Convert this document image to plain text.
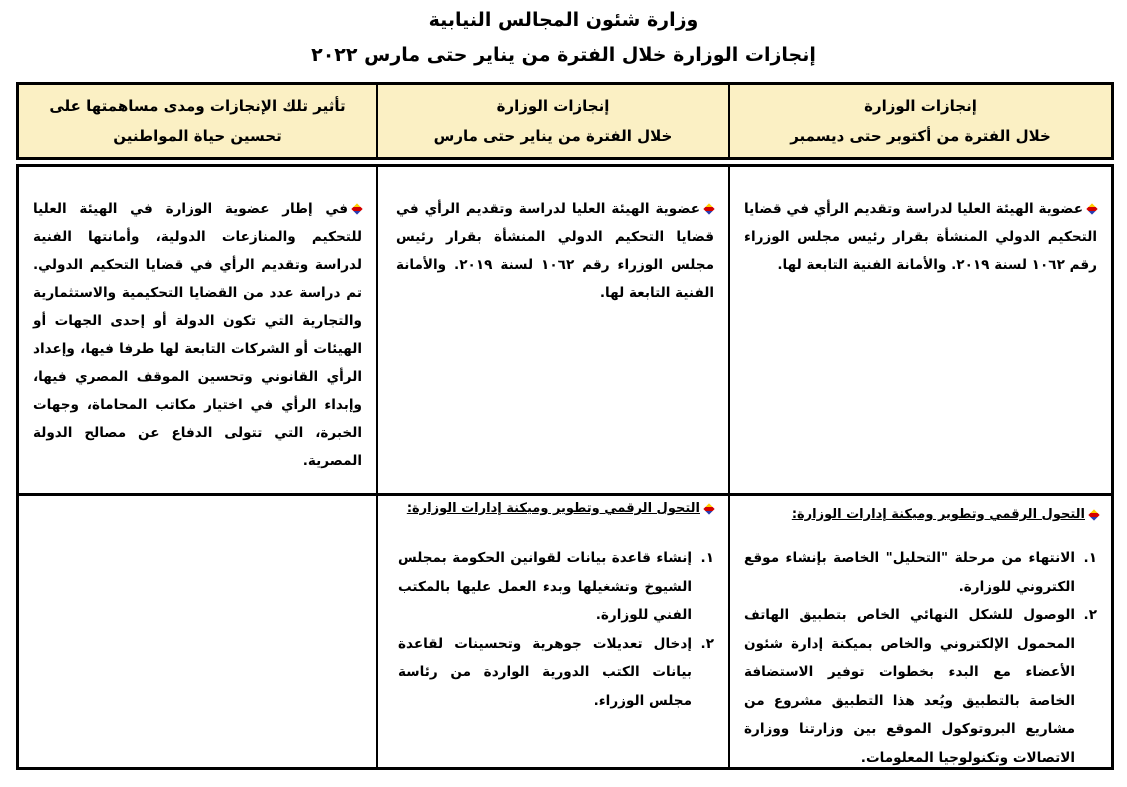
وزارة شئون المجالس النيابية
إنجازات الوزارة خلال الفترة من يناير حتى مارس ٢٠٢٢
إنجازات الوزارة
خلال الفترة من أكتوبر حتى ديسمبر
إنجازات الوزارة
خلال الفترة من يناير حتى مارس
تأثير تلك الإنجازات ومدى مساهمتها على
تحسين حياة المواطنين
عضوية الهيئة العليا لدراسة وتقديم الرأي في قضايا التحكيم الدولي المنشأة بقرار رئيس مجلس الوزراء رقم ١٠٦٢ لسنة ٢٠١٩. والأمانة الفنية التابعة لها.
عضوية الهيئة العليا لدراسة وتقديم الرأي في قضايا التحكيم الدولي المنشأة بقرار رئيس مجلس الوزراء رقم ١٠٦٢ لسنة ٢٠١٩. والأمانة الفنية التابعة لها.
في إطار عضوية الوزارة في الهيئة العليا للتحكيم والمنازعات الدولية، وأمانتها الفنية لدراسة وتقديم الرأي في قضايا التحكيم الدولي. تم دراسة عدد من القضايا التحكيمية والاستثمارية والتجارية التي تكون الدولة أو إحدى الجهات أو الهيئات أو الشركات التابعة لها طرفا فيها، وإعداد الرأي القانوني وتحسين الموقف المصري فيها، وإبداء الرأي في اختيار مكاتب المحاماة، وجهات الخبرة، التي تتولى الدفاع عن مصالح الدولة المصرية.
التحول الرقمي وتطوير وميكنة إدارات الوزارة:
١.
الانتهاء من مرحلة "التحليل" الخاصة بإنشاء موقع الكتروني للوزارة.
٢.
الوصول للشكل النهائي الخاص بتطبيق الهاتف المحمول الإلكتروني والخاص بميكنة إدارة شئون الأعضاء مع البدء بخطوات توفير الاستضافة الخاصة بالتطبيق ويُعد هذا التطبيق مشروع من مشاريع البروتوكول الموقع بين وزارتنا ووزارة الاتصالات وتكنولوجيا المعلومات.
التحول الرقمي وتطوير وميكنة إدارات الوزارة:
١.
إنشاء قاعدة بيانات لقوانين الحكومة بمجلس الشيوخ وتشغيلها وبدء العمل عليها بالمكتب الفني للوزارة.
٢.
إدخال تعديلات جوهرية وتحسينات لقاعدة بيانات الكتب الدورية الواردة من رئاسة مجلس الوزراء.
